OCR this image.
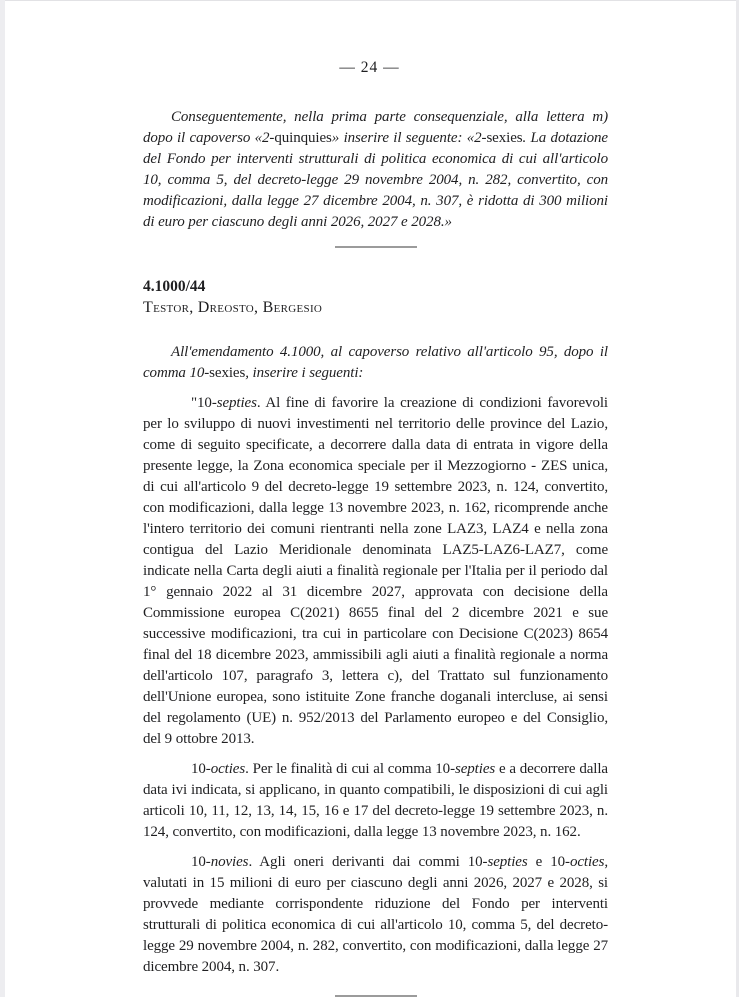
— 24 —

Conseguentemente, nella prima parte consequenziale, alla lettera m) dopo il capoverso «2-quinquies» inserire il seguente: «2-sexies. La dotazione del Fondo per interventi strutturali di politica economica di cui all'articolo 10, comma 5, del decreto-legge 29 novembre 2004, n. 282, convertito, con modificazioni, dalla legge 27 dicembre 2004, n. 307, è ridotta di 300 milioni di euro per ciascuno degli anni 2026, 2027 e 2028.»

4.1000/44
Testor, Dreosto, Bergesio

All'emendamento 4.1000, al capoverso relativo all'articolo 95, dopo il comma 10-sexies, inserire i seguenti:

"10-septies. Al fine di favorire la creazione di condizioni favorevoli per lo sviluppo di nuovi investimenti nel territorio delle province del Lazio, come di seguito specificate, a decorrere dalla data di entrata in vigore della presente legge, la Zona economica speciale per il Mezzogiorno - ZES unica, di cui all'articolo 9 del decreto-legge 19 settembre 2023, n. 124, convertito, con modificazioni, dalla legge 13 novembre 2023, n. 162, ricomprende anche l'intero territorio dei comuni rientranti nella zone LAZ3, LAZ4 e nella zona contigua del Lazio Meridionale denominata LAZ5-LAZ6-LAZ7, come indicate nella Carta degli aiuti a finalità regionale per l'Italia per il periodo dal 1° gennaio 2022 al 31 dicembre 2027, approvata con decisione della Commissione europea C(2021) 8655 final del 2 dicembre 2021 e sue successive modificazioni, tra cui in particolare con Decisione C(2023) 8654 final del 18 dicembre 2023, ammissibili agli aiuti a finalità regionale a norma dell'articolo 107, paragrafo 3, lettera c), del Trattato sul funzionamento dell'Unione europea, sono istituite Zone franche doganali intercluse, ai sensi del regolamento (UE) n. 952/2013 del Parlamento europeo e del Consiglio, del 9 ottobre 2013.

10-octies. Per le finalità di cui al comma 10-septies e a decorrere dalla data ivi indicata, si applicano, in quanto compatibili, le disposizioni di cui agli articoli 10, 11, 12, 13, 14, 15, 16 e 17 del decreto-legge 19 settembre 2023, n. 124, convertito, con modificazioni, dalla legge 13 novembre 2023, n. 162.

10-novies. Agli oneri derivanti dai commi 10-septies e 10-octies, valutati in 15 milioni di euro per ciascuno degli anni 2026, 2027 e 2028, si provvede mediante corrispondente riduzione del Fondo per interventi strutturali di politica economica di cui all'articolo 10, comma 5, del decreto-legge 29 novembre 2004, n. 282, convertito, con modificazioni, dalla legge 27 dicembre 2004, n. 307.
